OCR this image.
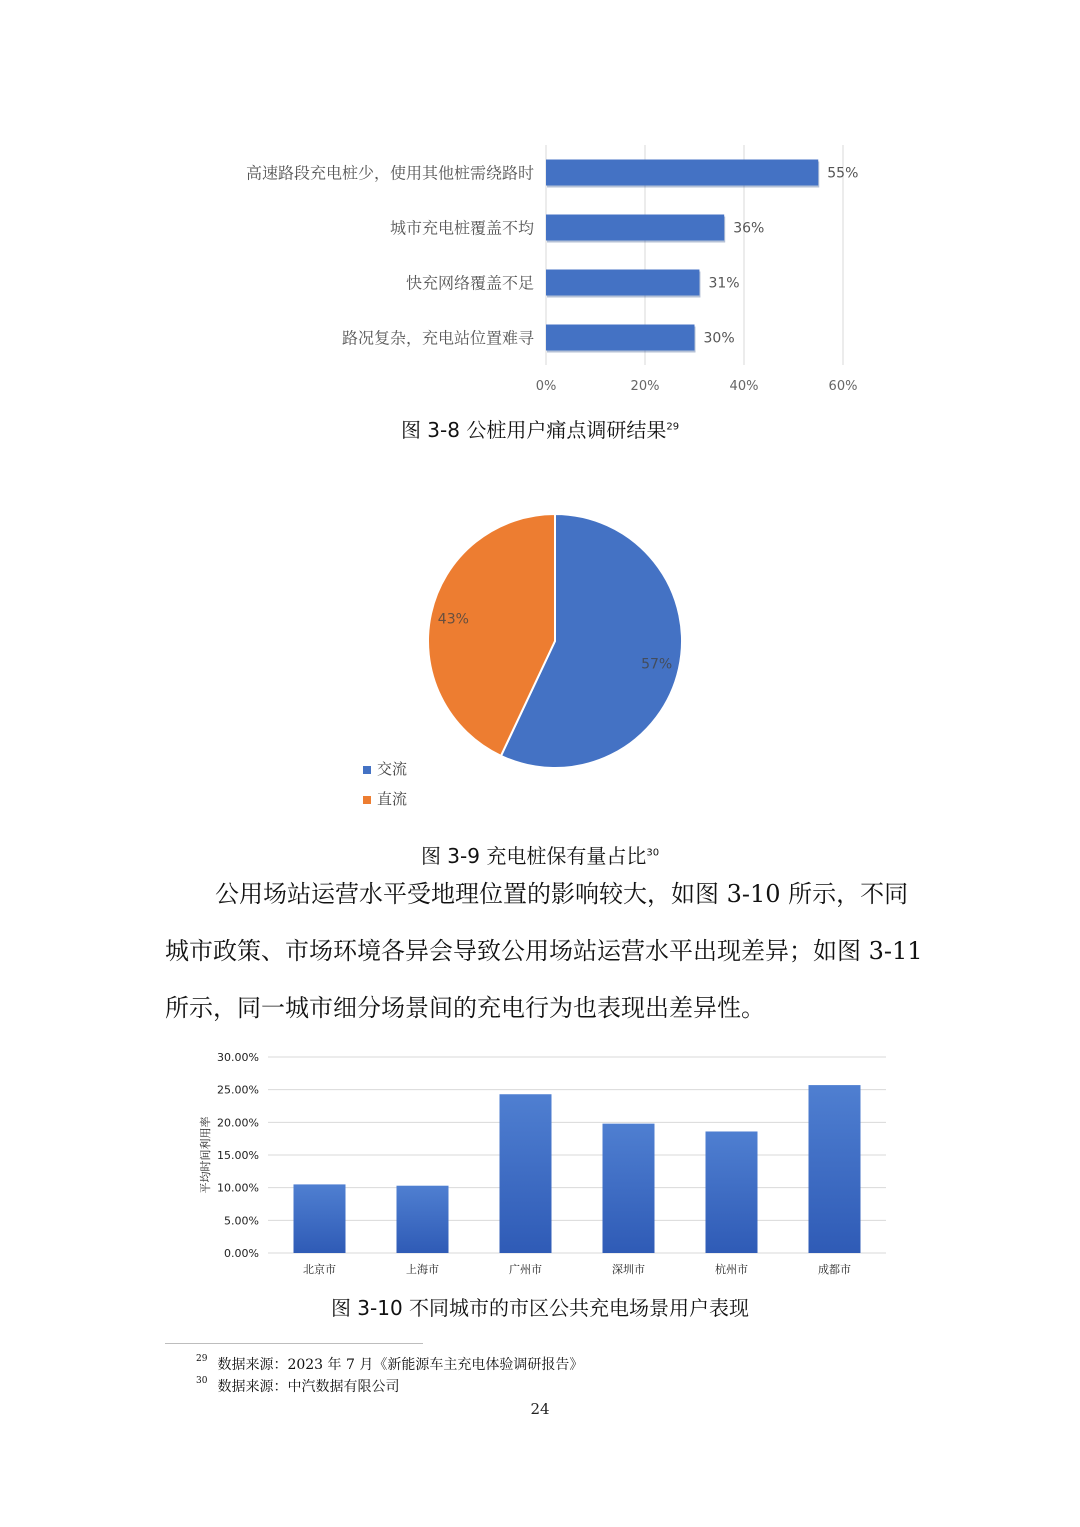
0%	20%	40%	60%
高速路段充电桩少，使用其他桩需绕路时	55%
城市充电桩覆盖不均	36%
快充网络覆盖不足	31%
路况复杂，充电站位置难寻	30%
图 3-8 公桩用户痛点调研结果$^{29}$
57%
43%
交流
直流
图 3-9 充电桩保有量占比$^{30}$
公用场站运营水平受地理位置的影响较大，如图 3-10 所示，不同城市政策、市场环境各异会导致公用场站运营水平出现差异；如图 3-11 所示，同一城市细分场景间的充电行为也表现出差异性。
0.00%
5.00%
10.00%
15.00%
20.00%
25.00%
30.00%
平均时间利用率
北京市	上海市	广州市	深圳市	杭州市	成都市
图 3-10 不同城市的市区公共充电场景用户表现
$^{29}$ 数据来源：2023 年 7 月《新能源车主充电体验调研报告》
$^{30}$ 数据来源：中汽数据有限公司
24
